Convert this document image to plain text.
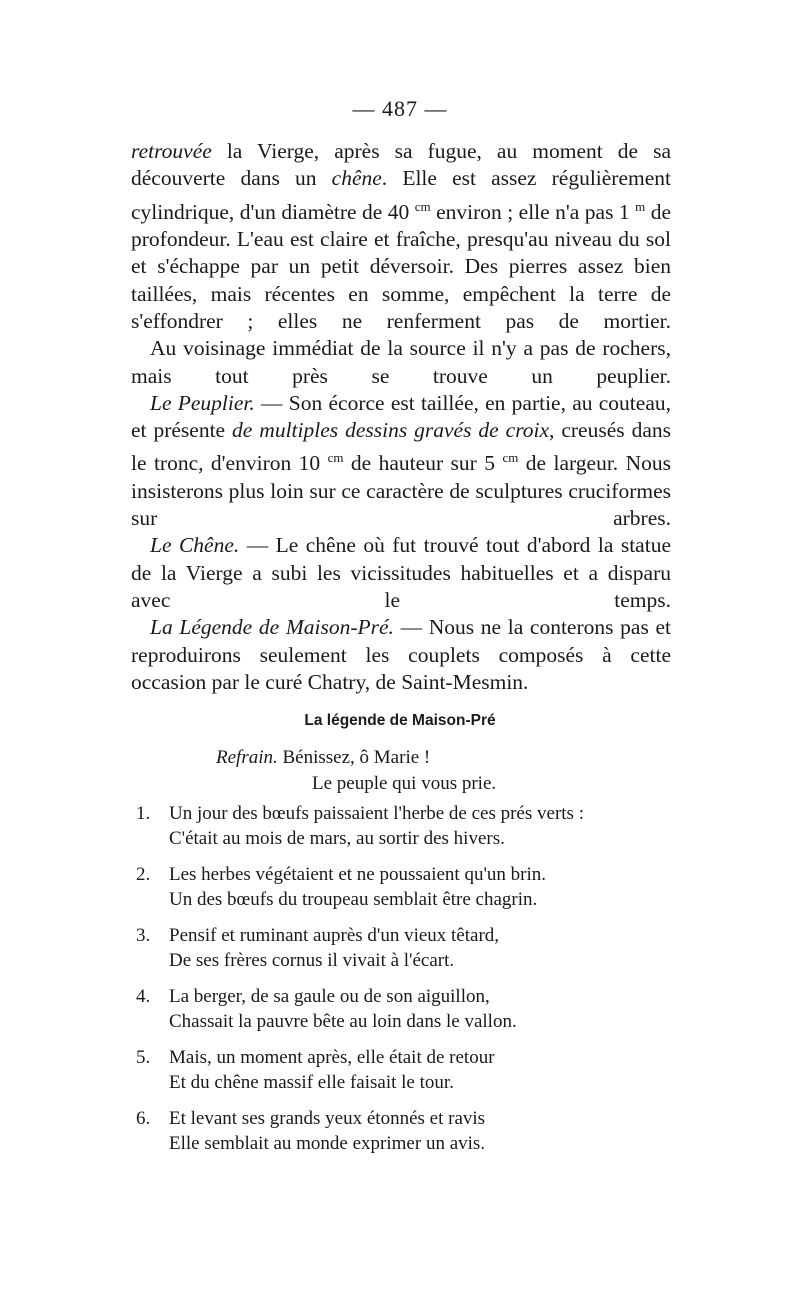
— 487 —

retrouvée la Vierge, après sa fugue, au moment de sa découverte dans un chêne. Elle est assez régulièrement cylindrique, d'un diamètre de 40 $^{cm}$ environ ; elle n'a pas 1 $^m$ de profondeur. L'eau est claire et fraîche, presqu'au niveau du sol et s'échappe par un petit déversoir. Des pierres assez bien taillées, mais récentes en somme, empêchent la terre de s'effondrer ; elles ne renferment pas de mortier.

Au voisinage immédiat de la source il n'y a pas de rochers, mais tout près se trouve un peuplier.

Le Peuplier. — Son écorce est taillée, en partie, au couteau, et présente de multiples dessins gravés de croix, creusés dans le tronc, d'environ 10 $^{cm}$ de hauteur sur 5 $^{cm}$ de largeur. Nous insisterons plus loin sur ce caractère de sculptures cruciformes sur arbres.

Le Chêne. — Le chêne où fut trouvé tout d'abord la statue de la Vierge a subi les vicissitudes habituelles et a disparu avec le temps.

La Légende de Maison-Pré. — Nous ne la conterons pas et reproduirons seulement les couplets composés à cette occasion par le curé Chatry, de Saint-Mesmin.

La légende de Maison-Pré
Refrain. Bénissez, ô Marie !
Le peuple qui vous prie.
1. Un jour des bœufs paissaient l'herbe de ces prés verts :
C'était au mois de mars, au sortir des hivers.
2. Les herbes végétaient et ne poussaient qu'un brin.
Un des bœufs du troupeau semblait être chagrin.
3. Pensif et ruminant auprès d'un vieux têtard,
De ses frères cornus il vivait à l'écart.
4. La berger, de sa gaule ou de son aiguillon,
Chassait la pauvre bête au loin dans le vallon.
5. Mais, un moment après, elle était de retour
Et du chêne massif elle faisait le tour.
6. Et levant ses grands yeux étonnés et ravis
Elle semblait au monde exprimer un avis.
